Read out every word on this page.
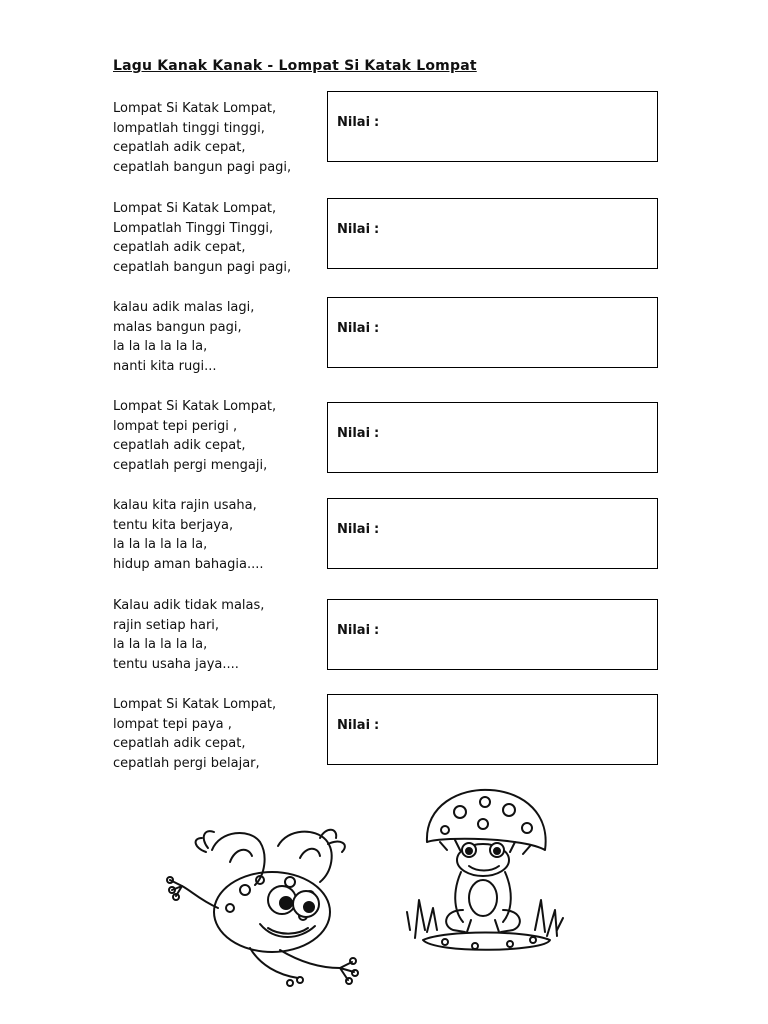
Lagu Kanak Kanak - Lompat Si Katak Lompat
Lompat Si Katak Lompat,
lompatlah tinggi tinggi,
cepatlah adik cepat,
cepatlah bangun pagi pagi,
Nilai :
Lompat Si Katak Lompat,
Lompatlah Tinggi Tinggi,
cepatlah adik cepat,
cepatlah bangun pagi pagi,
Nilai :
kalau adik malas lagi,
malas bangun pagi,
la la la la la la,
nanti kita rugi...
Nilai :
Lompat Si Katak Lompat,
lompat tepi perigi ,
cepatlah adik cepat,
cepatlah pergi mengaji,
Nilai :
kalau kita rajin usaha,
tentu kita berjaya,
la la la la la la,
hidup aman bahagia....
Nilai :
Kalau adik tidak malas,
rajin setiap hari,
la la la la la la,
tentu usaha jaya....
Nilai :
Lompat Si Katak Lompat,
lompat tepi paya ,
cepatlah adik cepat,
cepatlah pergi belajar,
Nilai :
